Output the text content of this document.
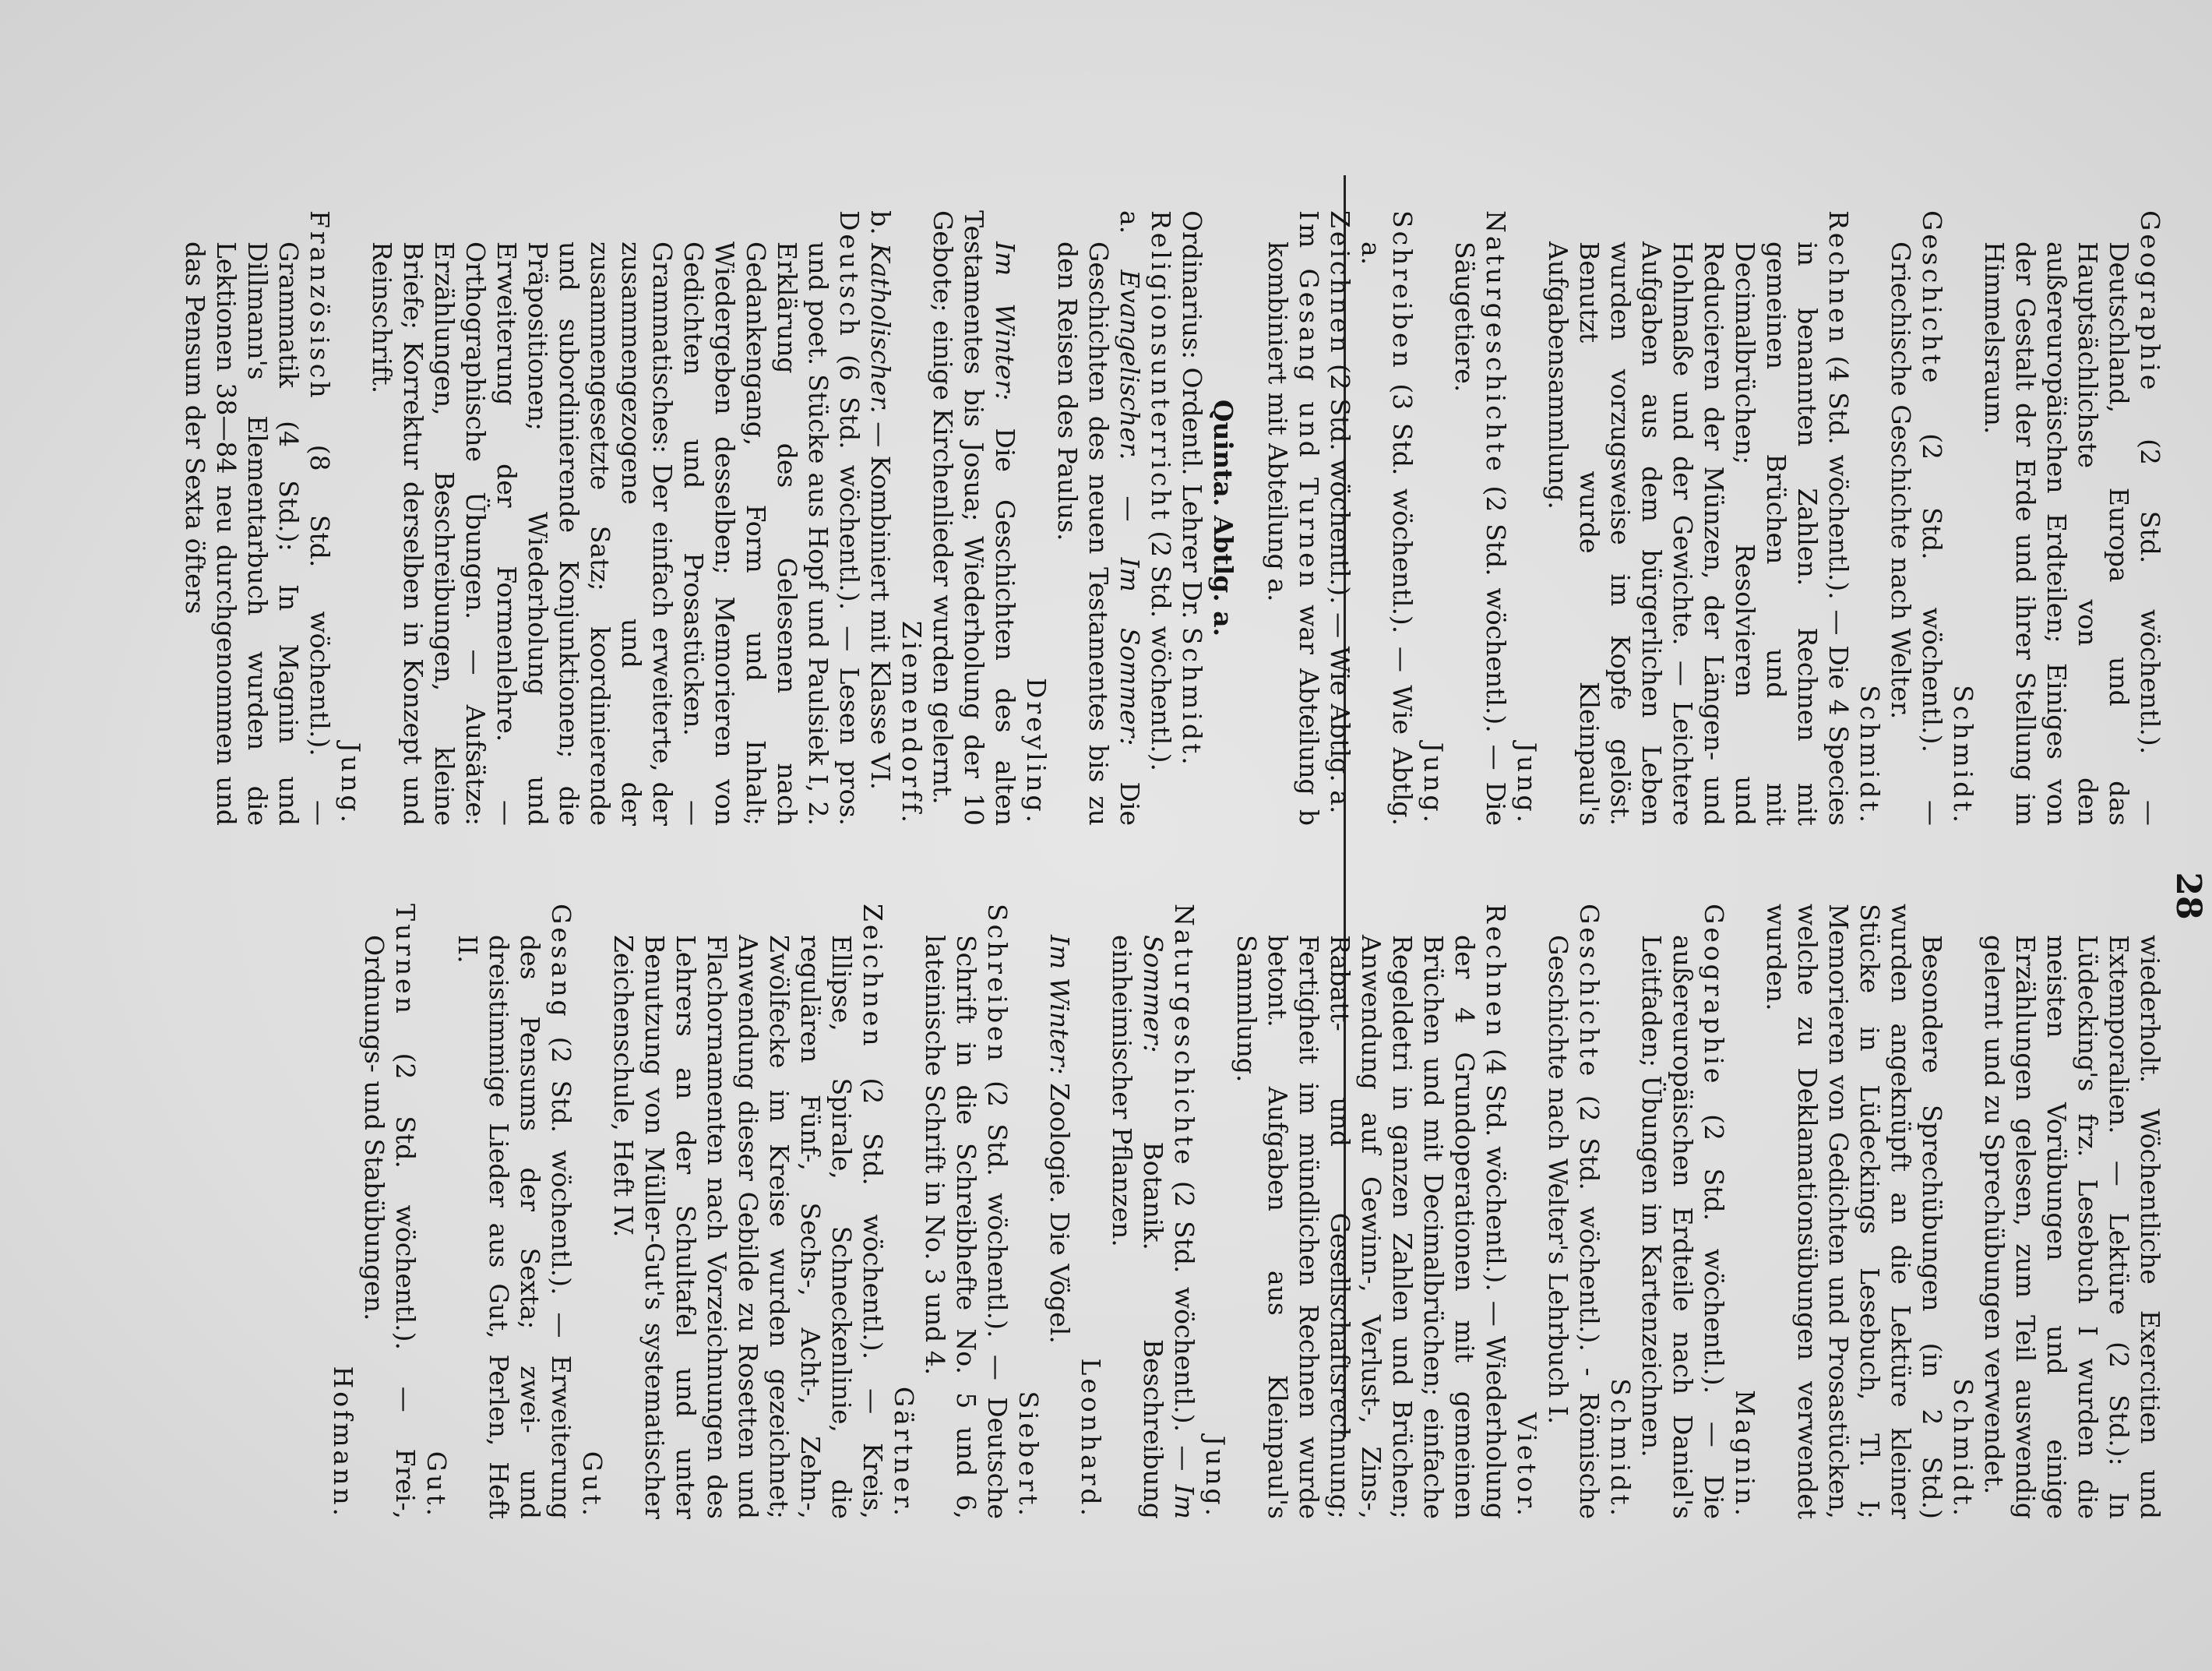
28

Geographie (2 Std. wöchentl.). — Deutschland, Europa und das Hauptsächlichste von den außereuropäischen Erdteilen; Einiges von der Gestalt der Erde und ihrer Stellung im Himmelsraum.
Schmidt.

Geschichte (2 Std. wöchentl.). — Griechische Geschichte nach Welter.
Schmidt.

Rechnen (4 Std. wöchentl.). — Die 4 Species in benannten Zahlen. Rechnen mit gemeinen Brüchen und mit Decimalbrüchen; Resolvieren und Reducieren der Münzen, der Längen- und Hohlmaße und der Gewichte. — Leichtere Aufgaben aus dem bürgerlichen Leben wurden vorzugsweise im Kopfe gelöst. Benutzt wurde Kleinpaul's Aufgabensammlung.
Jung.

Naturgeschichte (2 Std. wöchentl.). — Die Säugetiere.
Jung.

Schreiben (3 Std. wöchentl.). — Wie Abtlg. a.

Zeichnen (2 Std. wöchentl.). — Wie Abtlg. a.

Im Gesang und Turnen war Abteilung b kombiniert mit Abteilung a.

Quinta. Abtlg. a.

Ordinarius: Ordentl. Lehrer Dr. Schmidt.

Religionsunterricht (2 Std. wöchentl.).

a. Evangelischer. — Im Sommer: Die Geschichten des neuen Testamentes bis zu den Reisen des Paulus.
Dreyling.

Im Winter: Die Geschichten des alten Testamentes bis Josua; Wiederholung der 10 Gebote; einige Kirchenlieder wurden gelernt.
Ziemendorff.

b. Katholischer. — Kombiniert mit Klasse VI.

Deutsch (6 Std. wöchentl.). — Lesen pros. und poet. Stücke aus Hopf und Paulsiek I, 2. Erklärung des Gelesenen nach Gedankengang, Form und Inhalt; Wiedergeben desselben; Memorieren von Gedichten und Prosastücken. — Grammatisches: Der einfach erweiterte, der zusammengezogene und der zusammengesetzte Satz; koordinierende und subordinierende Konjunktionen; die Präpositionen; Wiederholung und Erweiterung der Formenlehre. — Orthographische Übungen. — Aufsätze: Erzählungen, Beschreibungen, kleine Briefe; Korrektur derselben in Konzept und Reinschrift.
Jung.

Französisch (8 Std. wöchentl.). — Grammatik (4 Std.): In Magnin und Dillmann's Elementarbuch wurden die Lektionen 38—84 neu durchgenommen und das Pensum der Sexta öfters

wiederholt. Wöchentliche Exercitien und Extemporalien. — Lektüre (2 Std.): In Lüdecking's frz. Lesebuch I wurden die meisten Vorübungen und einige Erzählungen gelesen, zum Teil auswendig gelernt und zu Sprechübungen verwendet.
Schmidt.

Besondere Sprechübungen (in 2 Std.) wurden angeknüpft an die Lektüre kleiner Stücke in Lüdeckings Lesebuch, Tl. I; Memorieren von Gedichten und Prosastücken, welche zu Deklamationsübungen verwendet wurden.
Magnin.

Geographie (2 Std. wöchentl.). — Die außereuropäischen Erdteile nach Daniel's Leitfaden; Übungen im Kartenzeichnen.
Schmidt.

Geschichte (2 Std. wöchentl.). - Römische Geschichte nach Welter's Lehrbuch I.
Vietor.

Rechnen (4 Std. wöchentl.). — Wiederholung der 4 Grundoperationen mit gemeinen Brüchen und mit Decimalbrüchen; einfache Regeldetri in ganzen Zahlen und Brüchen; Anwendung auf Gewinn-, Verlust-, Zins-, Rabatt- und Gesellschaftsrechnung; Fertigheit im mündlichen Rechnen wurde betont. Aufgaben aus Kleinpaul's Sammlung.
Jung.

Naturgeschichte (2 Std. wöchentl.). — Im Sommer: Botanik. Beschreibung einheimischer Pflanzen.
Leonhard.

Im Winter: Zoologie. Die Vögel.
Siebert.

Schreiben (2 Std. wöchentl.). — Deutsche Schrift in die Schreibhefte No. 5 und 6, lateinische Schrift in No. 3 und 4.
Gärtner.

Zeichnen (2 Std. wöchentl.). — Kreis, Ellipse, Spirale, Schneckenlinie, die regulären Fünf-, Sechs-, Acht-, Zehn-, Zwölfecke im Kreise wurden gezeichnet; Anwendung dieser Gebilde zu Rosetten und Flachornamenten nach Vorzeichnungen des Lehrers an der Schultafel und unter Benutzung von Müller-Gut's systematischer Zeichenschule, Heft IV.
Gut.

Gesang (2 Std. wöchentl.). — Erweiterung des Pensums der Sexta; zwei- und dreistimmige Lieder aus Gut, Perlen, Heft II.
Gut.

Turnen (2 Std. wöchentl.). — Frei-, Ordnungs- und Stabübungen.
Hofmann.
